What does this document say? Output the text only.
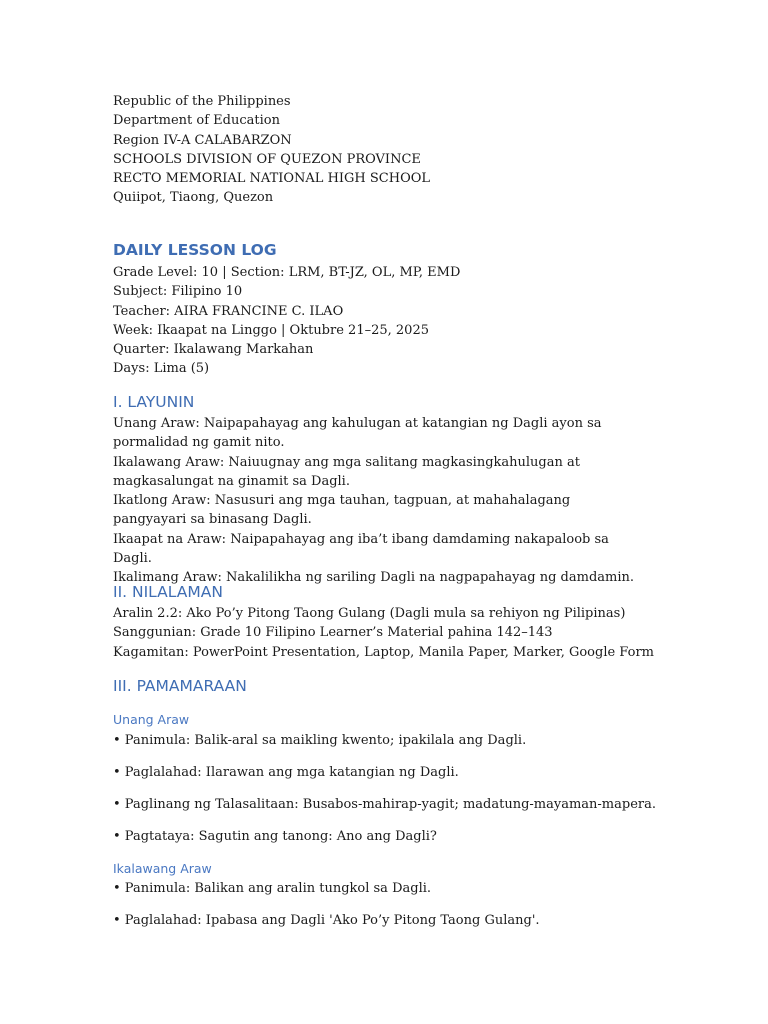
Republic of the Philippines
Department of Education
Region IV-A CALABARZON
SCHOOLS DIVISION OF QUEZON PROVINCE
RECTO MEMORIAL NATIONAL HIGH SCHOOL
Quiipot, Tiaong, Quezon
DAILY LESSON LOG
Grade Level: 10 | Section: LRM, BT-JZ, OL, MP, EMD
Subject: Filipino 10
Teacher: AIRA FRANCINE C. ILAO
Week: Ikaapat na Linggo | Oktubre 21–25, 2025
Quarter: Ikalawang Markahan
Days: Lima (5)
I. LAYUNIN
Unang Araw: Naipapahayag ang kahulugan at katangian ng Dagli ayon sa pormalidad ng gamit nito.
Ikalawang Araw: Naiuugnay ang mga salitang magkasingkahulugan at magkasalungat na ginamit sa Dagli.
Ikatlong Araw: Nasusuri ang mga tauhan, tagpuan, at mahahalagang pangyayari sa binasang Dagli.
Ikaapat na Araw: Naipapahayag ang iba’t ibang damdaming nakapaloob sa Dagli.
Ikalimang Araw: Nakalilikha ng sariling Dagli na nagpapahayag ng damdamin.
II. NILALAMAN
Aralin 2.2: Ako Po’y Pitong Taong Gulang (Dagli mula sa rehiyon ng Pilipinas)
Sanggunian: Grade 10 Filipino Learner’s Material pahina 142–143
Kagamitan: PowerPoint Presentation, Laptop, Manila Paper, Marker, Google Form
III. PAMAMARAAN
Unang Araw
• Panimula: Balik-aral sa maikling kwento; ipakilala ang Dagli.
• Paglalahad: Ilarawan ang mga katangian ng Dagli.
• Paglinang ng Talasalitaan: Busabos-mahirap-yagit; madatung-mayaman-mapera.
• Pagtataya: Sagutin ang tanong: Ano ang Dagli?
Ikalawang Araw
• Panimula: Balikan ang aralin tungkol sa Dagli.
• Paglalahad: Ipabasa ang Dagli 'Ako Po’y Pitong Taong Gulang'.
